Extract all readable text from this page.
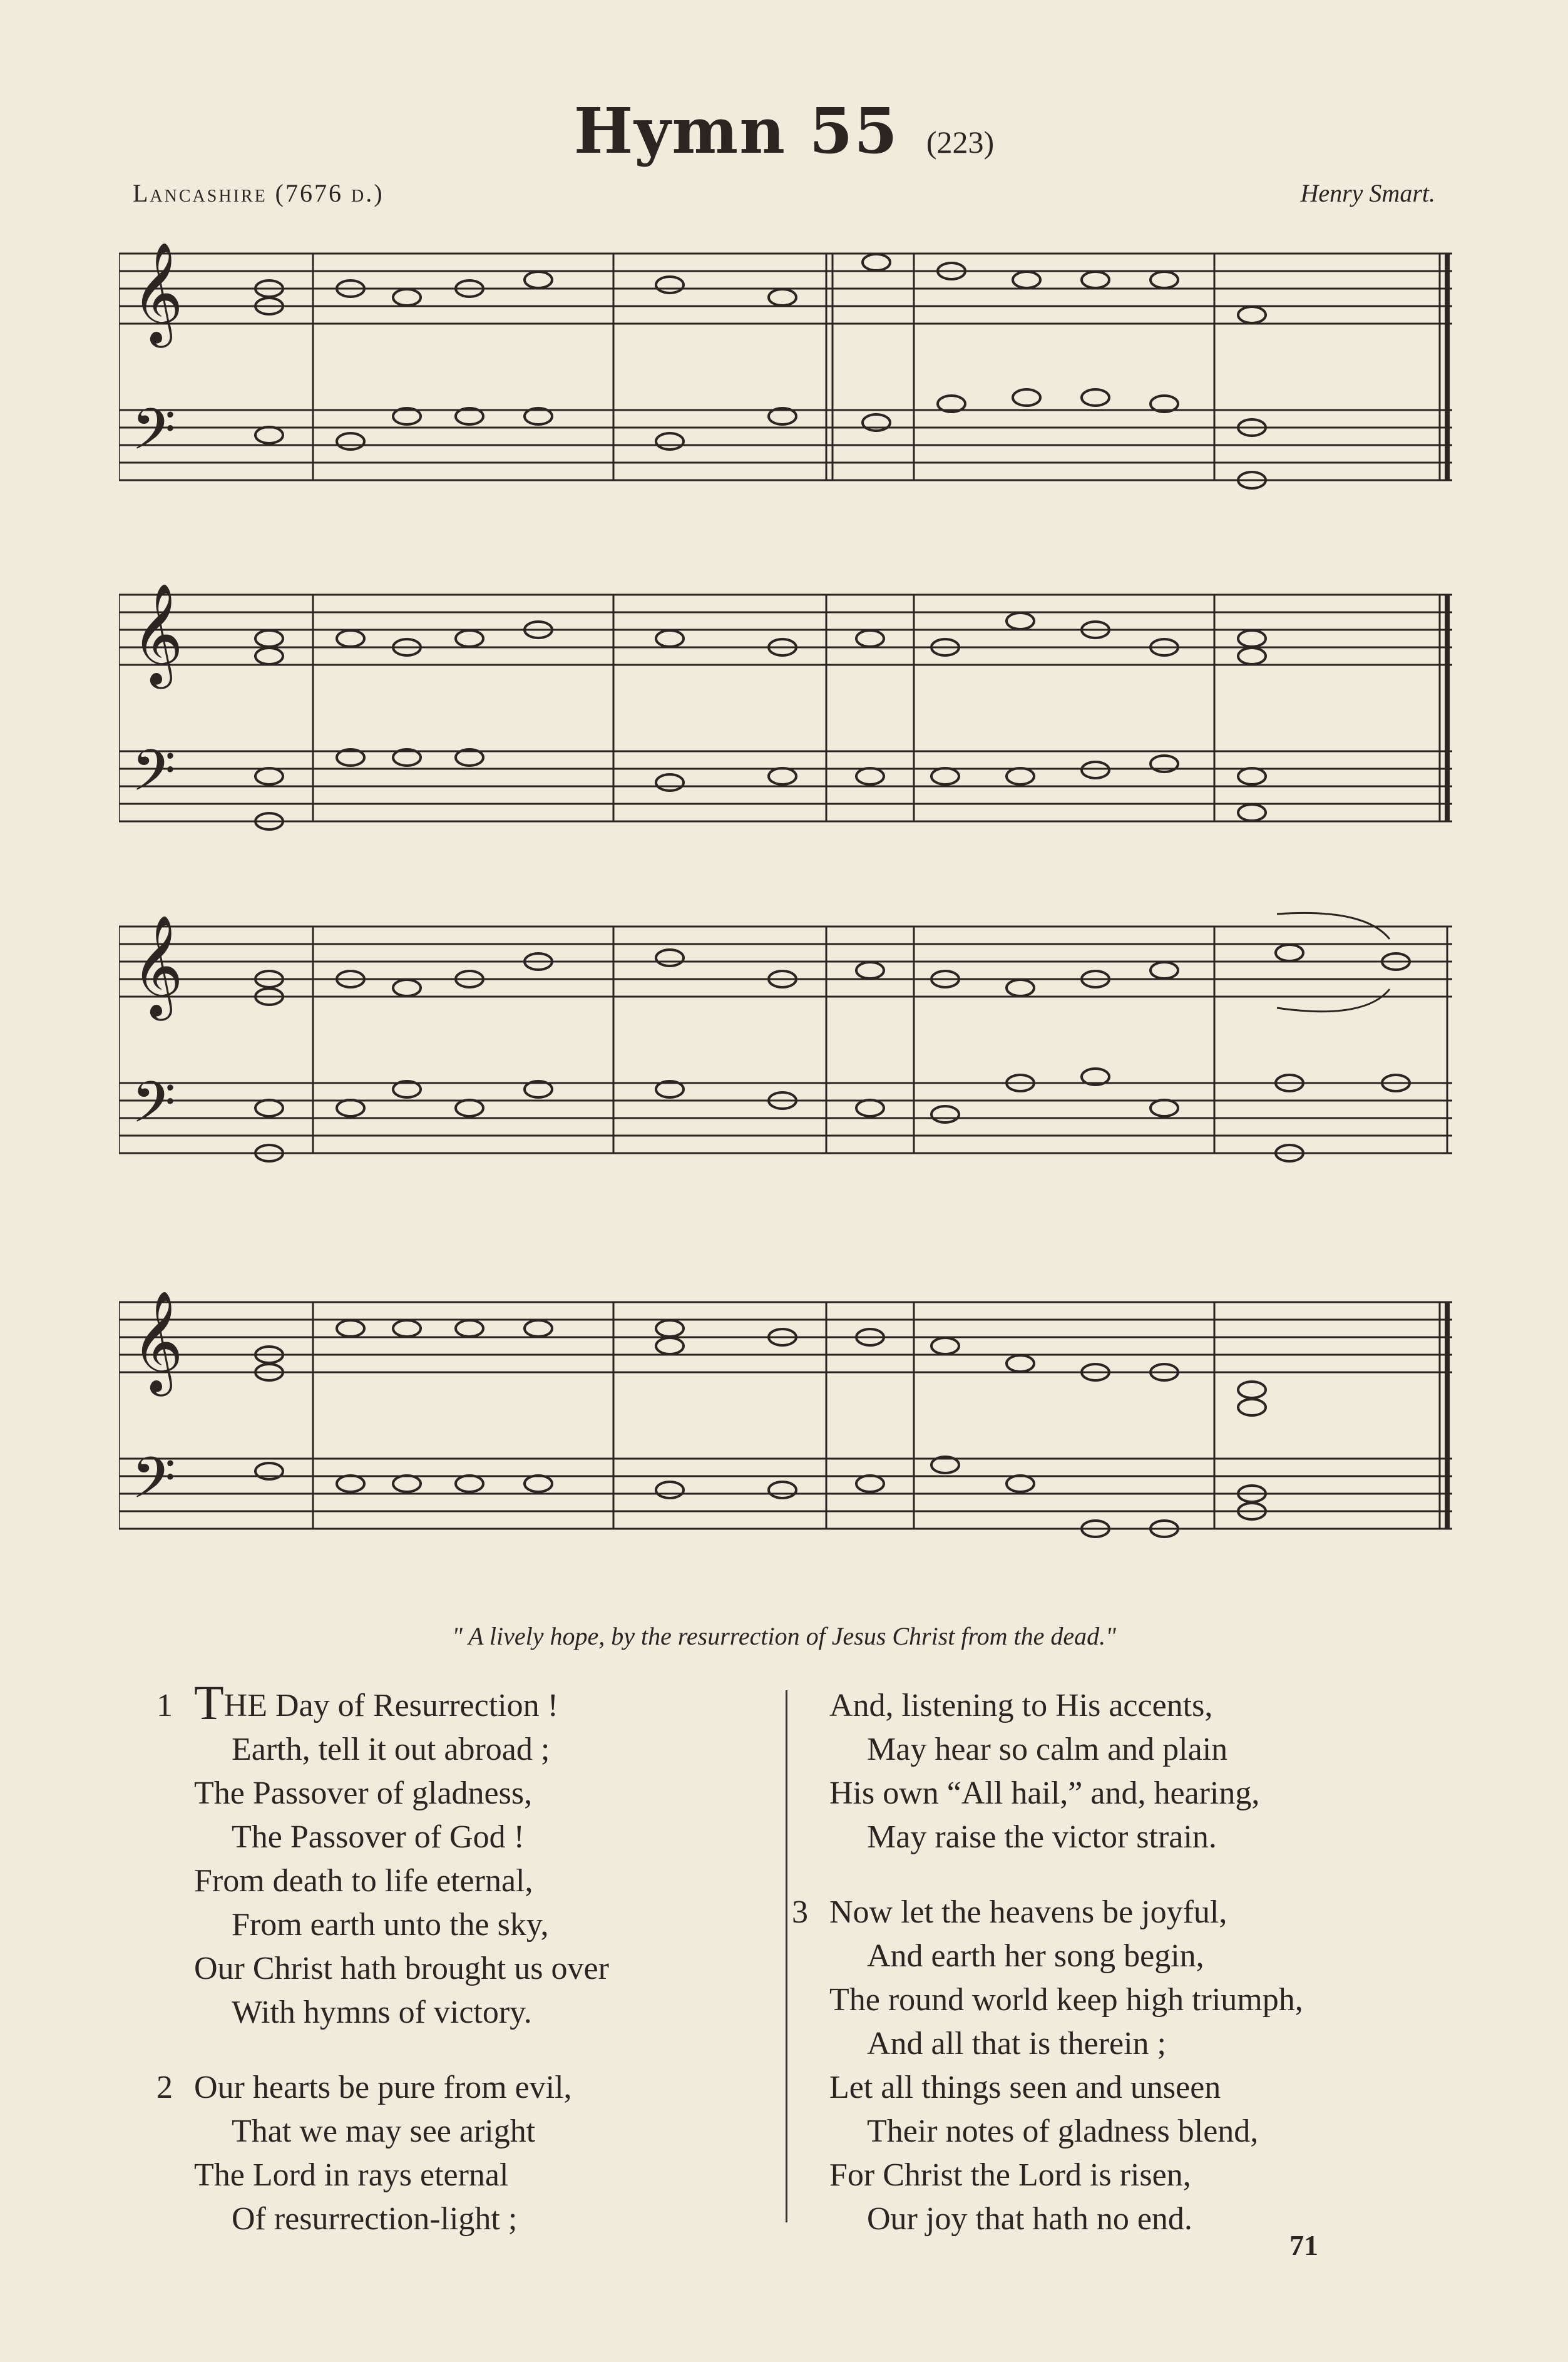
Hymn 55 (223)
Lancashire (7676 d.)	Henry Smart.
𝄞
𝄢
𝄞
𝄢
𝄞
𝄢
𝄞
𝄢
" A lively hope, by the resurrection of Jesus Christ from the dead."
1 THE Day of Resurrection !
Earth, tell it out abroad ;
The Passover of gladness,
The Passover of God !
From death to life eternal,
From earth unto the sky,
Our Christ hath brought us over
With hymns of victory.
2 Our hearts be pure from evil,
That we may see aright
The Lord in rays eternal
Of resurrection-light ;
And, listening to His accents,
May hear so calm and plain
His own “All hail,” and, hearing,
May raise the victor strain.
3 Now let the heavens be joyful,
And earth her song begin,
The round world keep high triumph,
And all that is therein ;
Let all things seen and unseen
Their notes of gladness blend,
For Christ the Lord is risen,
Our joy that hath no end.
71
